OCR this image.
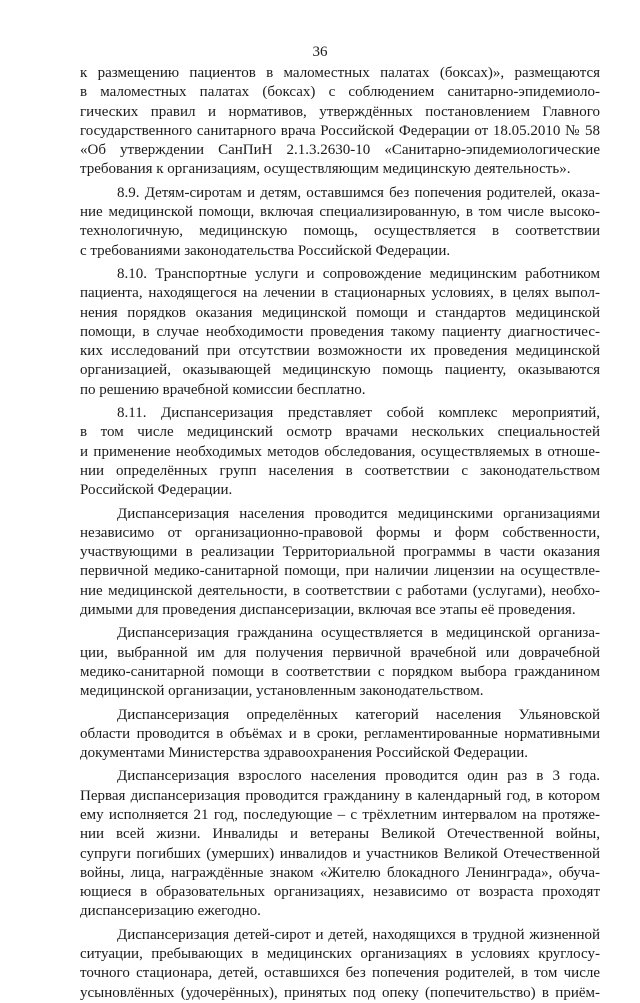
36
к размещению пациентов в маломестных палатах (боксах)», размещаются
в маломестных палатах (боксах) с соблюдением санитарно-эпидемиоло-
гических правил и нормативов, утверждённых постановлением Главного
государственного санитарного врача Российской Федерации от 18.05.2010 № 58
«Об утверждении СанПиН 2.1.3.2630-10 «Санитарно-эпидемиологические
требования к организациям, осуществляющим медицинскую деятельность».
8.9. Детям-сиротам и детям, оставшимся без попечения родителей, оказа-
ние медицинской помощи, включая специализированную, в том числе высоко-
технологичную, медицинскую помощь, осуществляется в соответствии
с требованиями законодательства Российской Федерации.
8.10. Транспортные услуги и сопровождение медицинским работником
пациента, находящегося на лечении в стационарных условиях, в целях выпол-
нения порядков оказания медицинской помощи и стандартов медицинской
помощи, в случае необходимости проведения такому пациенту диагностичес-
ких исследований при отсутствии возможности их проведения медицинской
организацией, оказывающей медицинскую помощь пациенту, оказываются
по решению врачебной комиссии бесплатно.
8.11. Диспансеризация представляет собой комплекс мероприятий,
в том числе медицинский осмотр врачами нескольких специальностей
и применение необходимых методов обследования, осуществляемых в отноше-
нии определённых групп населения в соответствии с законодательством
Российской Федерации.
Диспансеризация населения проводится медицинскими организациями
независимо от организационно-правовой формы и форм собственности,
участвующими в реализации Территориальной программы в части оказания
первичной медико-санитарной помощи, при наличии лицензии на осуществле-
ние медицинской деятельности, в соответствии с работами (услугами), необхо-
димыми для проведения диспансеризации, включая все этапы её проведения.
Диспансеризация гражданина осуществляется в медицинской организа-
ции, выбранной им для получения первичной врачебной или доврачебной
медико-санитарной помощи в соответствии с порядком выбора гражданином
медицинской организации, установленным законодательством.
Диспансеризация определённых категорий населения Ульяновской
области проводится в объёмах и в сроки, регламентированные нормативными
документами Министерства здравоохранения Российской Федерации.
Диспансеризация взрослого населения проводится один раз в 3 года.
Первая диспансеризация проводится гражданину в календарный год, в котором
ему исполняется 21 год, последующие – с трёхлетним интервалом на протяже-
нии всей жизни. Инвалиды и ветераны Великой Отечественной войны,
супруги погибших (умерших) инвалидов и участников Великой Отечественной
войны, лица, награждённые знаком «Жителю блокадного Ленинграда», обуча-
ющиеся в образовательных организациях, независимо от возраста проходят
диспансеризацию ежегодно.
Диспансеризация детей-сирот и детей, находящихся в трудной жизненной
ситуации, пребывающих в медицинских организациях в условиях круглосу-
точного стационара, детей, оставшихся без попечения родителей, в том числе
усыновлённых (удочерённых), принятых под опеку (попечительство) в приём-
